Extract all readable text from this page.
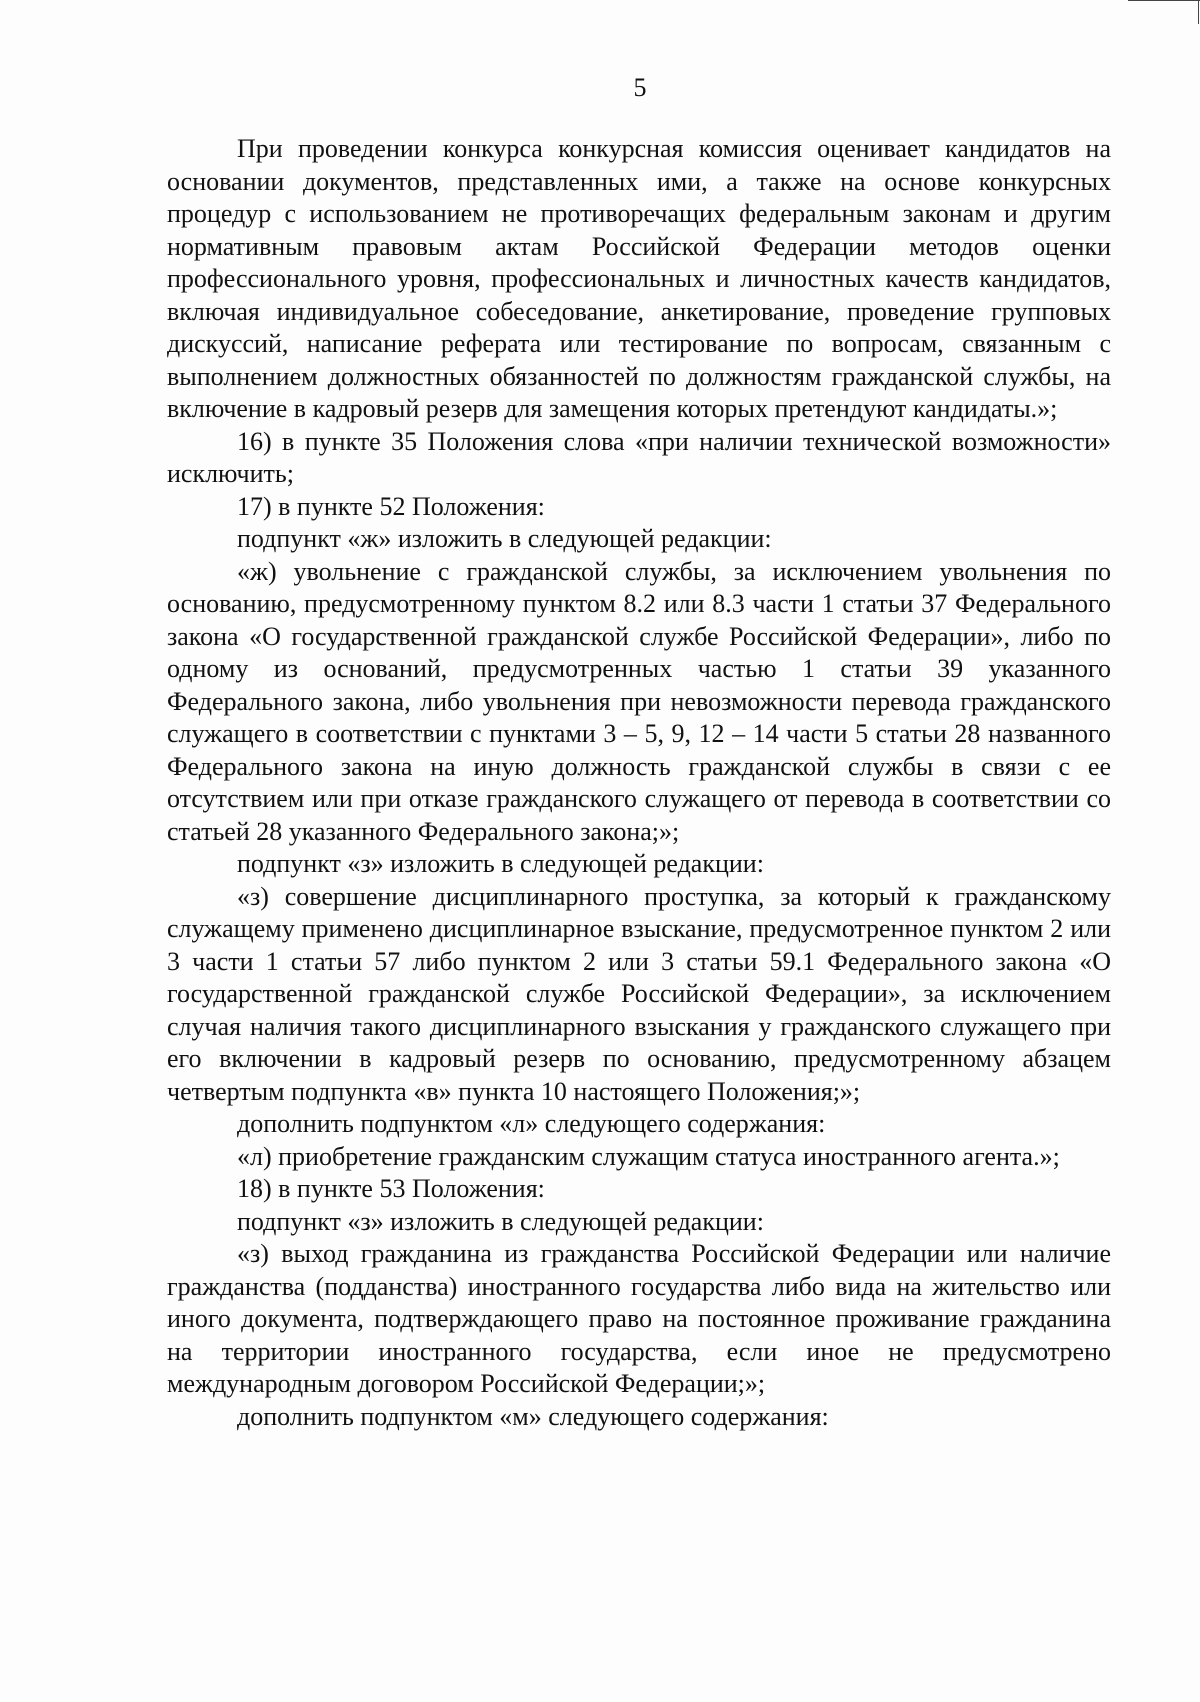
5

При проведении конкурса конкурсная комиссия оценивает кандидатов на основании документов, представленных ими, а также на основе конкурсных процедур с использованием не противоречащих федеральным законам и другим нормативным правовым актам Российской Федерации методов оценки профессионального уровня, профессиональных и личностных качеств кандидатов, включая индивидуальное собеседование, анкетирование, проведение групповых дискуссий, написание реферата или тестирование по вопросам, связанным с выполнением должностных обязанностей по должностям гражданской службы, на включение в кадровый резерв для замещения которых претендуют кандидаты.»;

16) в пункте 35 Положения слова «при наличии технической возможности» исключить;

17) в пункте 52 Положения:

подпункт «ж» изложить в следующей редакции:

«ж) увольнение с гражданской службы, за исключением увольнения по основанию, предусмотренному пунктом 8.2 или 8.3 части 1 статьи 37 Федерального закона «О государственной гражданской службе Российской Федерации», либо по одному из оснований, предусмотренных частью 1 статьи 39 указанного Федерального закона, либо увольнения при невозможности перевода гражданского служащего в соответствии с пунктами 3 – 5, 9, 12 – 14 части 5 статьи 28 названного Федерального закона на иную должность гражданской службы в связи с ее отсутствием или при отказе гражданского служащего от перевода в соответствии со статьей 28 указанного Федерального закона;»;

подпункт «з» изложить в следующей редакции:

«з) совершение дисциплинарного проступка, за который к гражданскому служащему применено дисциплинарное взыскание, предусмотренное пунктом 2 или 3 части 1 статьи 57 либо пунктом 2 или 3 статьи 59.1 Федерального закона «О государственной гражданской службе Российской Федерации», за исключением случая наличия такого дисциплинарного взыскания у гражданского служащего при его включении в кадровый резерв по основанию, предусмотренному абзацем четвертым подпункта «в» пункта 10 настоящего Положения;»;

дополнить подпунктом «л» следующего содержания:

«л) приобретение гражданским служащим статуса иностранного агента.»;

18) в пункте 53 Положения:

подпункт «з» изложить в следующей редакции:

«з) выход гражданина из гражданства Российской Федерации или наличие гражданства (подданства) иностранного государства либо вида на жительство или иного документа, подтверждающего право на постоянное проживание гражданина на территории иностранного государства, если иное не предусмотрено международным договором Российской Федерации;»;

дополнить подпунктом «м» следующего содержания:
